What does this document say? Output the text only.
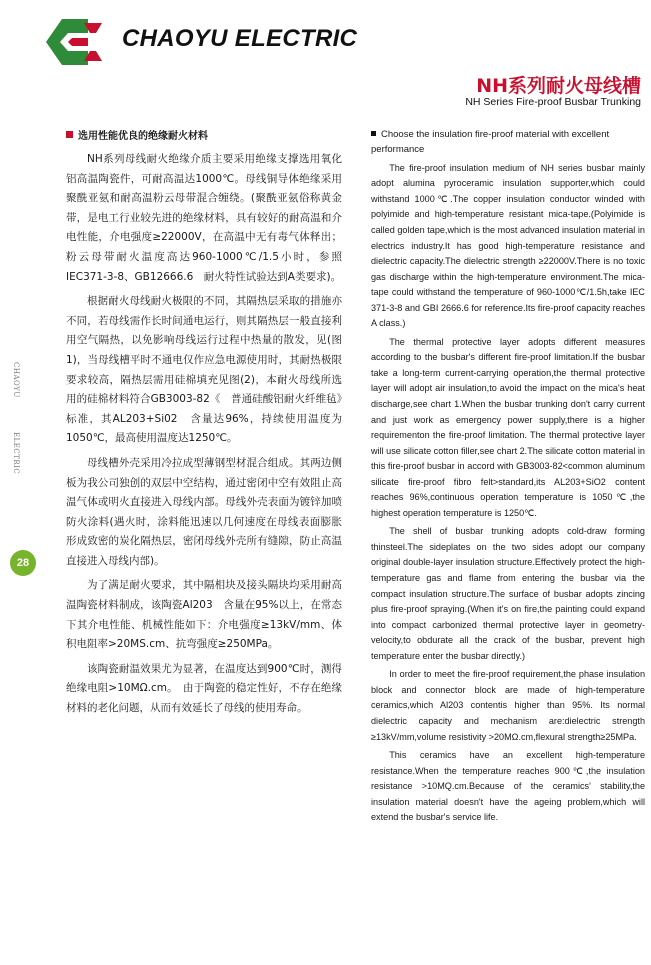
CHAOYU ELECTRIC
NH系列耐火母线槽
NH Series Fire-proof Busbar Trunking
CHAOYU
ELECTRIC
28
选用性能优良的绝缘耐火材料

NH系列母线耐火绝缘介质主要采用绝缘支撑选用氧化铝高温陶瓷件，可耐高温达1000℃。母线铜导体绝缘采用聚酰亚氨和耐高温粉云母带混合缠绕。(聚酰亚氨俗称黄金带，是电工行业较先进的绝缘材料，具有较好的耐高温和介电性能，介电强度≥22000V，在高温中无有毒气体释出；粉云母带耐火温度高达960-1000℃/1.5小时，参照IEC371-3-8、GB12666.6　耐火特性试验达到A类要求)。

根据耐火母线耐火极限的不同，其隔热层采取的措施亦不同，若母线需作长时间通电运行，则其隔热层一般直接利用空气隔热，以免影响母线运行过程中热量的散发，见(图1)，当母线槽平时不通电仅作应急电源使用时，其耐热极限要求较高，隔热层需用硅棉填充见图(2)，本耐火母线所选用的硅棉材料符合GB3003-82《　普通硅酸铝耐火纤维毡》标准，其AL203+Si02　含量达96%，持续使用温度为1050℃，最高使用温度达1250℃。

母线槽外壳采用冷拉成型薄钢型材混合组成。其两边侧板为我公司独创的双层中空结构，通过密闭中空有效阻止高温气体或明火直接进入母线内部。母线外壳表面为镀锌加喷防火涂料(遇火时，涂料能迅速以几何速度在母线表面膨胀形成致密的炭化隔热层，密闭母线外壳所有缝隙，防止高温直接进入母线内部)。

为了满足耐火要求，其中隔相块及接头隔块均采用耐高温陶瓷材料制成，该陶瓷Al203　含量在95%以上，在常态下其介电性能、机械性能如下：介电强度≥13kV/mm、体积电阻率>20MS.cm、抗弯强度≥250MPa。

该陶瓷耐温效果尤为显著，在温度达到900℃时，测得绝缘电阻>10MΩ.cm。　由于陶瓷的稳定性好，不存在绝缘材料的老化问题，从而有效延长了母线的使用寿命。

Choose the insulation fire-proof material with excellent performance

The fire-proof insulation medium of NH series busbar mainly adopt alumina pyroceramic insulation supporter,which could withstand 1000℃.The copper insulation conductor winded with polyimide and high-temperature resistant mica-tape.(Polyimide is called golden tape,which is the most advanced insulation material in electrics industry.It has good high-temperature resistance and dielectric capacity.The dielectric strength ≥22000V.There is no toxic gas discharge within the high-temperature environment.The mica-tape could withstand the temperature of 960-1000℃/1.5h,take IEC 371-3-8 and GBI 2666.6 for reference.Its fire-proof capacity reaches A class.)

The thermal protective layer adopts different measures according to the busbar's different fire-proof limitation.If the busbar take a long-term current-carrying operation,the thermal protective layer will adopt air insulation,to avoid the impact on the mica's heat discharge,see chart 1.When the busbar trunking don't carry current and just work as emergency power supply,there is a higher requirementon the fire-proof limitation. The thermal protective layer will use silicate cotton filler,see chart 2.The silicate cotton material in this fire-proof busbar in accord with GB3003-82<common aluminum silicate fire-proof fibro felt>standard,its AL203+SiO2 content reaches 96%,continuous operation temperature is 1050℃,the highest operation temperature is 1250℃.

The shell of busbar trunking adopts cold-draw forming thinsteel.The sideplates on the two sides adopt our company original double-layer insulation structure.Effectively protect the high-temperature gas and flame from entering the busbar via the compact insulation structure.The surface of busbar adopts zincing plus fire-proof spraying.(When it's on fire,the painting could expand into compact carbonized thermal protective layer in geometry-velocity,to obdurate all the crack of the busbar, prevent high temperature enter the busbar directly.)

In order to meet the fire-proof requirement,the phase insulation block and connector block are made of high-temperature ceramics,which Al203 contentis higher than 95%. Its normal dielectric capacity and mechanism are:dielectric strength ≥13kV/mm,volume resistivity >20MΩ.cm,flexural strength≥25MPa.

This ceramics have an excellent high-temperature resistance.When the temperature reaches 900℃,the insulation resistance >10MQ.cm.Because of the ceramics' stability,the insulation material doesn't have the ageing problem,which will extend the busbar's service life.
